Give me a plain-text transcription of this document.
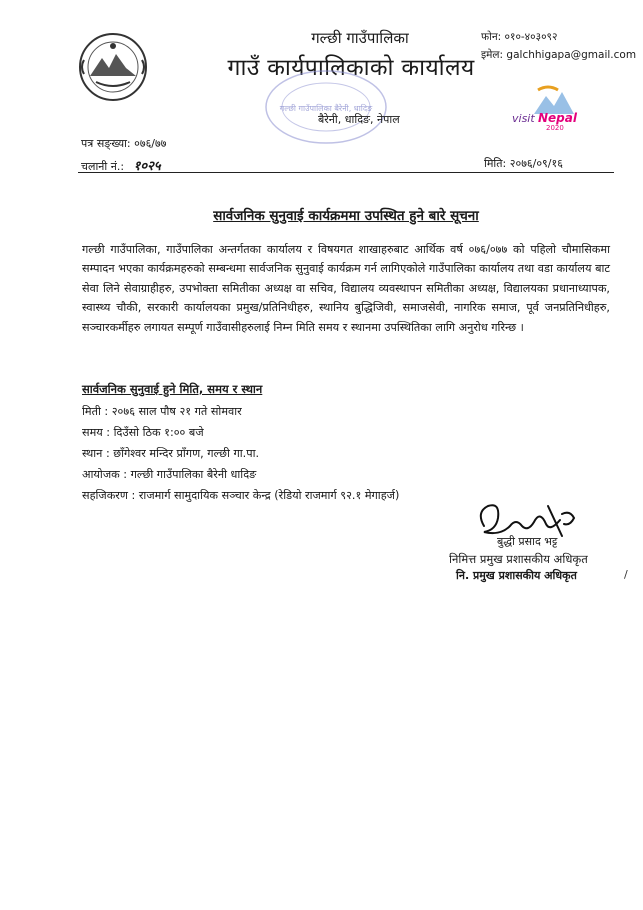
गल्छी गाउँपालिका
गाउँ कार्यपालिकाको कार्यालय
गल्छी गाउँपालिका बैरेनी, धादिङ
बैरेनी, धादिङ, नेपाल
फोन: ०१०-४०३०९२
इमेल: galchhigapa@gmail.com
visit Nepal
2020
पत्र सङ्ख्या: ०७६/७७
चलानी नं.: १०२५	मिति: २०७६/०९/१६
सार्वजनिक सुनुवाई कार्यक्रममा उपस्थित हुने बारे सूचना
गल्छी गाउँपालिका, गाउँपालिका अन्तर्गतका कार्यालय र विषयगत शाखाहरुबाट आर्थिक वर्ष ०७६/०७७ को पहिलो चौमासिकमा सम्पादन भएका कार्यक्रमहरुको सम्बन्धमा सार्वजनिक सुनुवाई कार्यक्रम गर्न लागिएकोले गाउँपालिका कार्यालय तथा वडा कार्यालय बाट सेवा लिने सेवाग्राहीहरु, उपभोक्ता समितीका अध्यक्ष वा सचिव, विद्यालय व्यवस्थापन समितीका अध्यक्ष, विद्यालयका प्रधानाध्यापक, स्वास्थ्य चौकी, सरकारी कार्यालयका प्रमुख/प्रतिनिधीहरु, स्थानिय बुद्धिजिवी, समाजसेवी, नागरिक समाज, पूर्व जनप्रतिनिधीहरु, सञ्चारकर्मीहरु लगायत सम्पूर्ण गाउँवासीहरुलाई निम्न मिति समय र स्थानमा उपस्थितिका लागि अनुरोध गरिन्छ ।
सार्वजनिक सुनुवाई हुने मिति, समय र स्थान
मिती : २०७६ साल पौष २१ गते सोमवार
समय : दिउँसो ठिक १:०० बजे
स्थान : छाँगेश्वर मन्दिर प्राँगण, गल्छी गा.पा.
आयोजक : गल्छी गाउँपालिका बैरेनी धादिङ
सहजिकरण : राजमार्ग सामुदायिक सञ्चार केन्द्र (रेडियो राजमार्ग ९२.१ मेगाहर्ज)
बुद्धी प्रसाद भट्ट
निमित्त प्रमुख प्रशासकीय अधिकृत
नि. प्रमुख प्रशासकीय अधिकृत	/
